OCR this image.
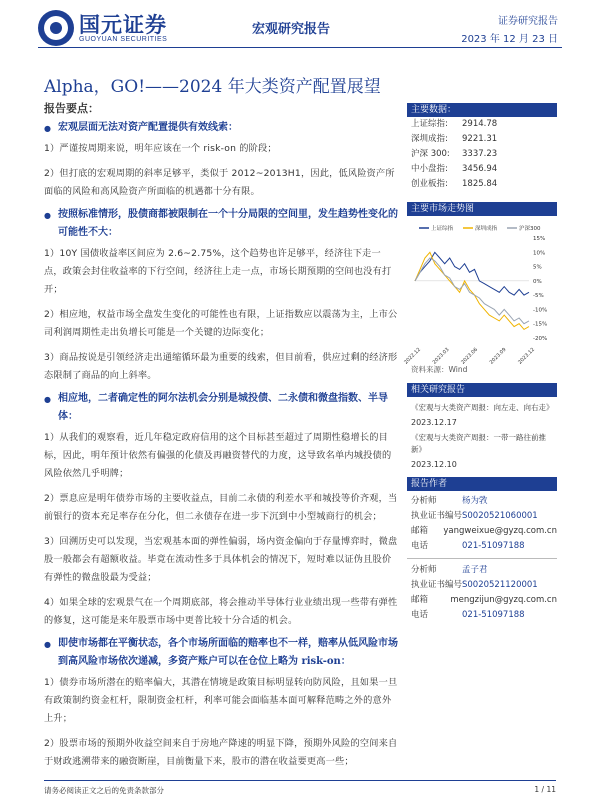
国元证券
GUOYUAN SECURITIES
宏观研究报告
证券研究报告
2023 年 12 月 23 日
Alpha，GO!——2024 年大类资产配置展望
报告要点：
● 宏观层面无法对资产配置提供有效线索：
1）严谨按周期来说，明年应该在一个 risk-on 的阶段；
2）但打底的宏观周期的斜率足够平，类似于 2012~2013H1，因此，低风险资产所面临的风险和高风险资产所面临的机遇都十分有限。
● 按照标准情形，股债商都被限制在一个十分局限的空间里，发生趋势性变化的可能性不大：
1）10Y 国债收益率区间应为 2.6~2.75%，这个趋势也许足够平，经济往下走一点，政策会封住收益率的下行空间，经济往上走一点，市场长期预期的空间也没有打开；
2）相应地，权益市场全盘发生变化的可能性也有限，上证指数应以震荡为主，上市公司利润周期性走出负增长可能是一个关键的边际变化；
3）商品按说是引领经济走出通缩循环最为重要的线索，但目前看，供应过剩的经济形态限制了商品的向上斜率。
● 相应地，二者确定性的阿尔法机会分别是城投债、二永债和微盘指数、半导体：
1）从我们的观察看，近几年稳定政府信用的这个目标甚至超过了周期性稳增长的目标，因此，明年预计依然有偏强的化债及再融资替代的力度，这导致名单内城投债的风险依然几乎明牌；
2）票息应是明年债券市场的主要收益点，目前二永债的利差水平和城投等价齐观，当前银行的资本充足率存在分化，但二永债存在进一步下沉到中小型城商行的机会；
3）回溯历史可以发现，当宏观基本面的弹性偏弱，场内资金偏向于存量博弈时，微盘股一般都会有超额收益。毕竟在流动性多于具体机会的情况下，短时难以证伪且股价有弹性的微盘股最为受益；
4）如果全球的宏观景气在一个周期底部，将会推动半导体行业业绩出现一些带有弹性的修复，这可能是来年股票市场中更普比较十分合适的机会。
● 即使市场都在平衡状态，各个市场所面临的赔率也不一样，赔率从低风险市场到高风险市场依次递减，多资产账户可以在仓位上略为 risk-on：
1）债券市场所潜在的赔率偏大，其潜在情境是政策目标明显转向防风险，且如果一旦有政策制约资金杠杆，限制资金杠杆，利率可能会面临基本面可解释范畴之外的意外上升；
2）股票市场的预期外收益空间来自于房地产降速的明显下降，预期外风险的空间来自于财政逃溯带来的融资断崖，目前衡量下来，股市的潜在收益要更高一些；
主要数据：
上证综指:	2914.78
深圳成指:	9221.31
沪深 300:	3337.23
中小盘指:	3456.94
创业板指:	1825.84
主要市场走势图
上证综指	深圳成指	沪深300
15%
10%
5%
0%
-5%
-10%
-15%
-20%
2022.12 2023.03 2023.06 2023.09 2023.12
资料来源：Wind
相关研究报告
《宏观与大类资产周报：向左走、向右走》
2023.12.17
《宏观与大类资产周报：一带一路往前推新》
2023.12.10
报告作者
分析师	杨为敩
执业证书编号 S0020521060001
邮箱	yangweixue@gyzq.com.cn
电话	021-51097188
分析师	孟子君
执业证书编号 S0020521120001
邮箱	mengzijun@gyzq.com.cn
电话	021-51097188
请务必阅读正文之后的免责条款部分	1 / 11
